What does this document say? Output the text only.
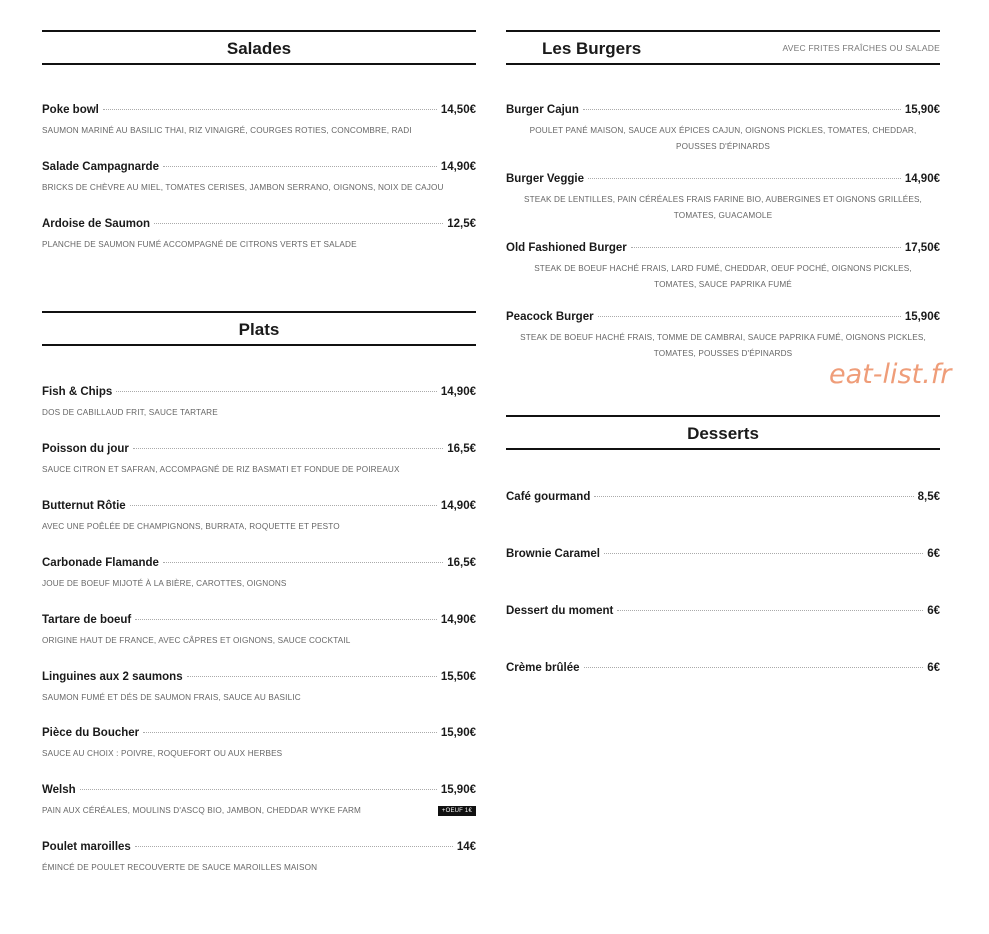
Salades
Poke bowl	14,50€
SAUMON MARINÉ AU BASILIC THAI, RIZ VINAIGRÉ, COURGES ROTIES, CONCOMBRE, RADI
Salade Campagnarde	14,90€
BRICKS DE CHÈVRE AU MIEL, TOMATES CERISES, JAMBON SERRANO, OIGNONS, NOIX DE CAJOU
Ardoise de Saumon	12,5€
PLANCHE DE SAUMON FUMÉ ACCOMPAGNÉ DE CITRONS VERTS ET SALADE
Plats
Fish & Chips	14,90€
DOS DE CABILLAUD FRIT, SAUCE TARTARE
Poisson du jour	16,5€
SAUCE CITRON ET SAFRAN, ACCOMPAGNÉ DE RIZ BASMATI ET FONDUE DE POIREAUX
Butternut Rôtie	14,90€
AVEC UNE POÊLÉE DE CHAMPIGNONS, BURRATA, ROQUETTE ET PESTO
Carbonade Flamande	16,5€
JOUE DE BOEUF MIJOTÉ À LA BIÈRE, CAROTTES, OIGNONS
Tartare de boeuf	14,90€
ORIGINE HAUT DE FRANCE, AVEC CÂPRES ET OIGNONS, SAUCE COCKTAIL
Linguines aux 2 saumons	15,50€
SAUMON FUMÉ ET DÉS DE SAUMON FRAIS, SAUCE AU BASILIC
Pièce du Boucher	15,90€
SAUCE AU CHOIX : POIVRE, ROQUEFORT OU AUX HERBES
Welsh	15,90€
PAIN AUX CÉRÉALES, MOULINS D'ASCQ BIO, JAMBON, CHEDDAR WYKE FARM	+OEUF 1€
Poulet maroilles	14€
ÉMINCÉ DE POULET RECOUVERTE DE SAUCE MAROILLES MAISON
Les Burgers	AVEC FRITES FRAÎCHES OU SALADE
Burger Cajun	15,90€
POULET PANÉ MAISON, SAUCE AUX ÉPICES CAJUN, OIGNONS PICKLES, TOMATES, CHEDDAR, POUSSES D'ÉPINARDS
Burger Veggie	14,90€
STEAK DE LENTILLES, PAIN CÉRÉALES FRAIS FARINE BIO, AUBERGINES ET OIGNONS GRILLÉES, TOMATES, GUACAMOLE
Old Fashioned Burger	17,50€
STEAK DE BOEUF HACHÉ FRAIS, LARD FUMÉ, CHEDDAR, OEUF POCHÉ, OIGNONS PICKLES, TOMATES, SAUCE PAPRIKA FUMÉ
Peacock Burger	15,90€
STEAK DE BOEUF HACHÉ FRAIS, TOMME DE CAMBRAI, SAUCE PAPRIKA FUMÉ, OIGNONS PICKLES, TOMATES, POUSSES D'ÉPINARDS
Desserts
Café gourmand	8,5€
Brownie Caramel	6€
Dessert du moment	6€
Crème brûlée	6€
eat-list.fr
